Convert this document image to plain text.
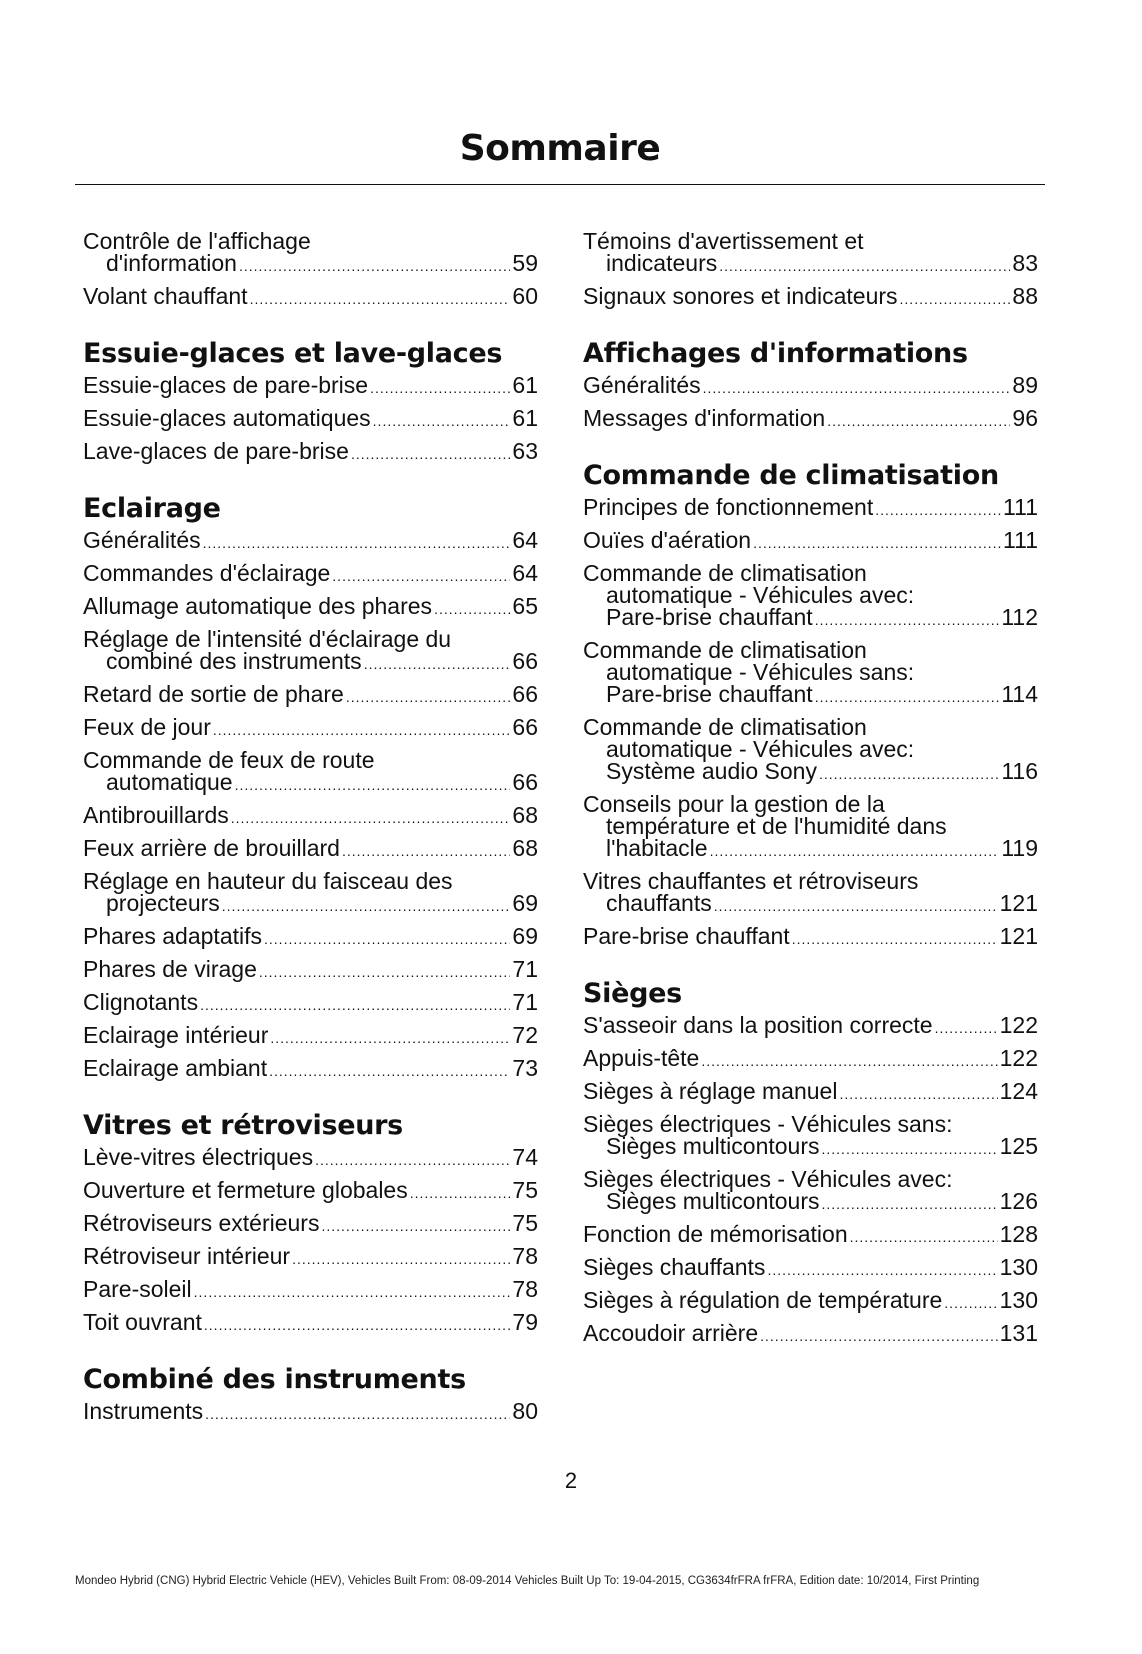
Sommaire
Contrôle de l'affichage
d'information .....	59
Volant chauffant .....	60
Essuie-glaces et lave-glaces
Essuie-glaces de pare-brise .....	61
Essuie-glaces automatiques .....	61
Lave-glaces de pare-brise .....	63
Eclairage
Généralités .....	64
Commandes d'éclairage .....	64
Allumage automatique des phares .....	65
Réglage de l'intensité d'éclairage du
combiné des instruments .....	66
Retard de sortie de phare .....	66
Feux de jour .....	66
Commande de feux de route
automatique .....	66
Antibrouillards .....	68
Feux arrière de brouillard .....	68
Réglage en hauteur du faisceau des
projecteurs .....	69
Phares adaptatifs .....	69
Phares de virage .....	71
Clignotants .....	71
Eclairage intérieur .....	72
Eclairage ambiant .....	73
Vitres et rétroviseurs
Lève-vitres électriques .....	74
Ouverture et fermeture globales .....	75
Rétroviseurs extérieurs .....	75
Rétroviseur intérieur .....	78
Pare-soleil .....	78
Toit ouvrant .....	79
Combiné des instruments
Instruments .....	80
Témoins d'avertissement et
indicateurs .....	83
Signaux sonores et indicateurs .....	88
Affichages d'informations
Généralités .....	89
Messages d'information .....	96
Commande de climatisation
Principes de fonctionnement .....	111
Ouïes d'aération .....	111
Commande de climatisation
automatique - Véhicules avec:
Pare-brise chauffant .....	112
Commande de climatisation
automatique - Véhicules sans:
Pare-brise chauffant .....	114
Commande de climatisation
automatique - Véhicules avec:
Système audio Sony .....	116
Conseils pour la gestion de la
température et de l'humidité dans
l'habitacle .....	119
Vitres chauffantes et rétroviseurs
chauffants .....	121
Pare-brise chauffant .....	121
Sièges
S'asseoir dans la position correcte .....	122
Appuis-tête .....	122
Sièges à réglage manuel .....	124
Sièges électriques - Véhicules sans:
Sièges multicontours .....	125
Sièges électriques - Véhicules avec:
Sièges multicontours .....	126
Fonction de mémorisation .....	128
Sièges chauffants .....	130
Sièges à régulation de température ..... 130
Accoudoir arrière .....	131
2
Mondeo Hybrid (CNG) Hybrid Electric Vehicle (HEV), Vehicles Built From: 08-09-2014 Vehicles Built Up To: 19-04-2015, CG3634frFRA frFRA, Edition date: 10/2014, First Printing
